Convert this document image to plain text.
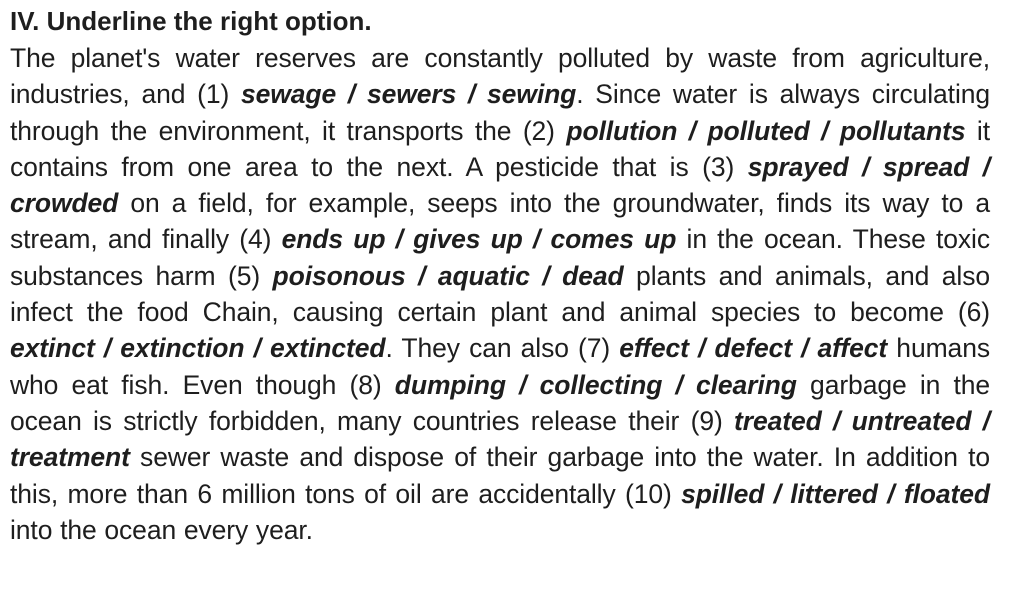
IV. Underline the right option.

The planet's water reserves are constantly polluted by waste from agriculture, industries, and (1) sewage / sewers / sewing. Since water is always circulating through the environment, it transports the (2) pollution / polluted / pollutants it contains from one area to the next. A pesticide that is (3) sprayed / spread / crowded on a field, for example, seeps into the groundwater, finds its way to a stream, and finally (4) ends up / gives up / comes up in the ocean. These toxic substances harm (5) poisonous / aquatic / dead plants and animals, and also infect the food Chain, causing certain plant and animal species to become (6) extinct / extinction / extincted. They can also (7) effect / defect / affect humans who eat fish. Even though (8) dumping / collecting / clearing garbage in the ocean is strictly forbidden, many countries release their (9) treated / untreated / treatment sewer waste and dispose of their garbage into the water. In addition to this, more than 6 million tons of oil are accidentally (10) spilled / littered / floated into the ocean every year.
